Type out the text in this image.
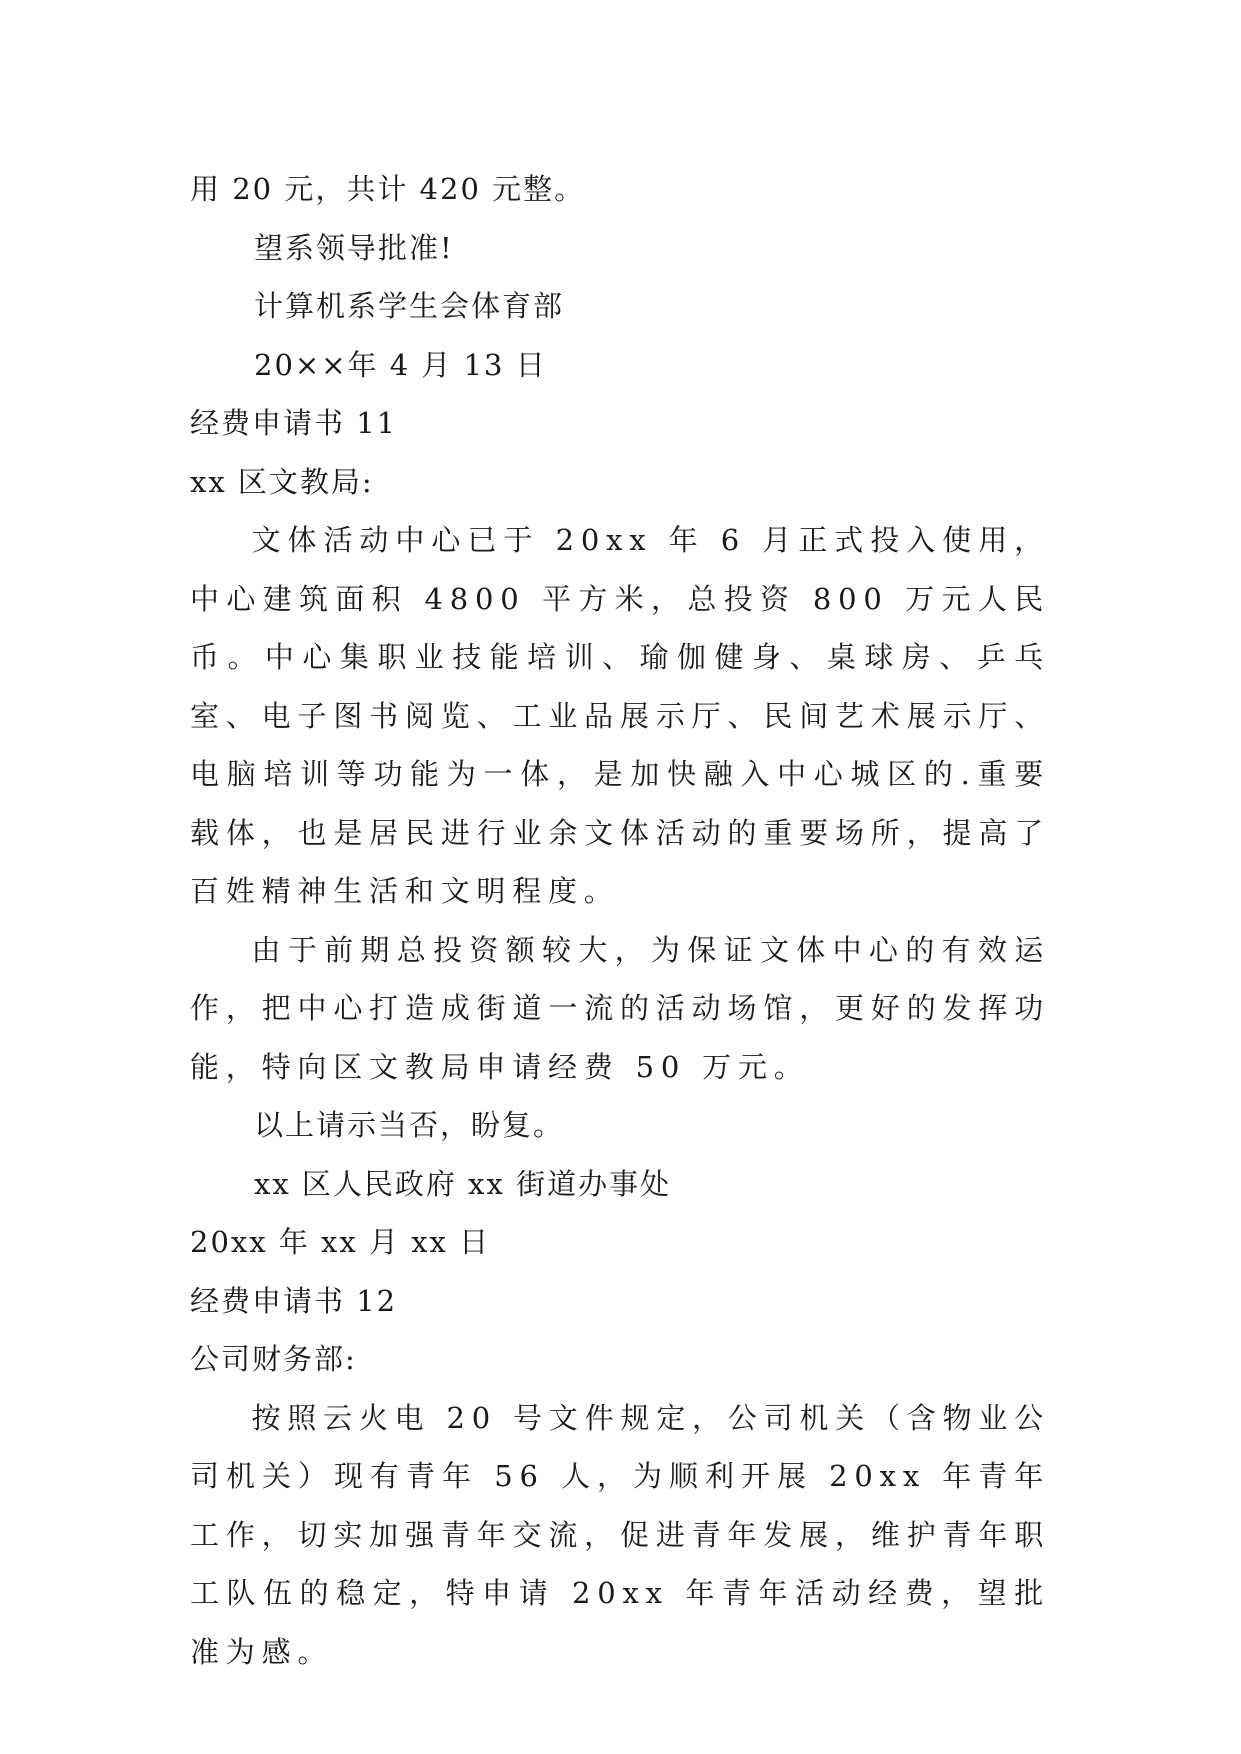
用 20 元，共计 420 元整。
望系领导批准!
计算机系学生会体育部
20××年 4 月 13 日
经费申请书 11
xx 区文教局:

文体活动中心已于 20xx 年 6 月正式投入使用，中心建筑面积 4800 平方米，总投资 800 万元人民币。中心集职业技能培训、瑜伽健身、桌球房、乒乓室、电子图书阅览、工业品展示厅、民间艺术展示厅、电脑培训等功能为一体，是加快融入中心城区的.重要载体，也是居民进行业余文体活动的重要场所，提高了百姓精神生活和文明程度。

由于前期总投资额较大，为保证文体中心的有效运作，把中心打造成街道一流的活动场馆，更好的发挥功能，特向区文教局申请经费 50 万元。

以上请示当否，盼复。
xx 区人民政府 xx 街道办事处
20xx 年 xx 月 xx 日
经费申请书 12
公司财务部:

按照云火电 20 号文件规定，公司机关（含物业公司机关）现有青年 56 人，为顺利开展 20xx 年青年工作，切实加强青年交流，促进青年发展，维护青年职工队伍的稳定，特申请 20xx 年青年活动经费，望批准为感。
